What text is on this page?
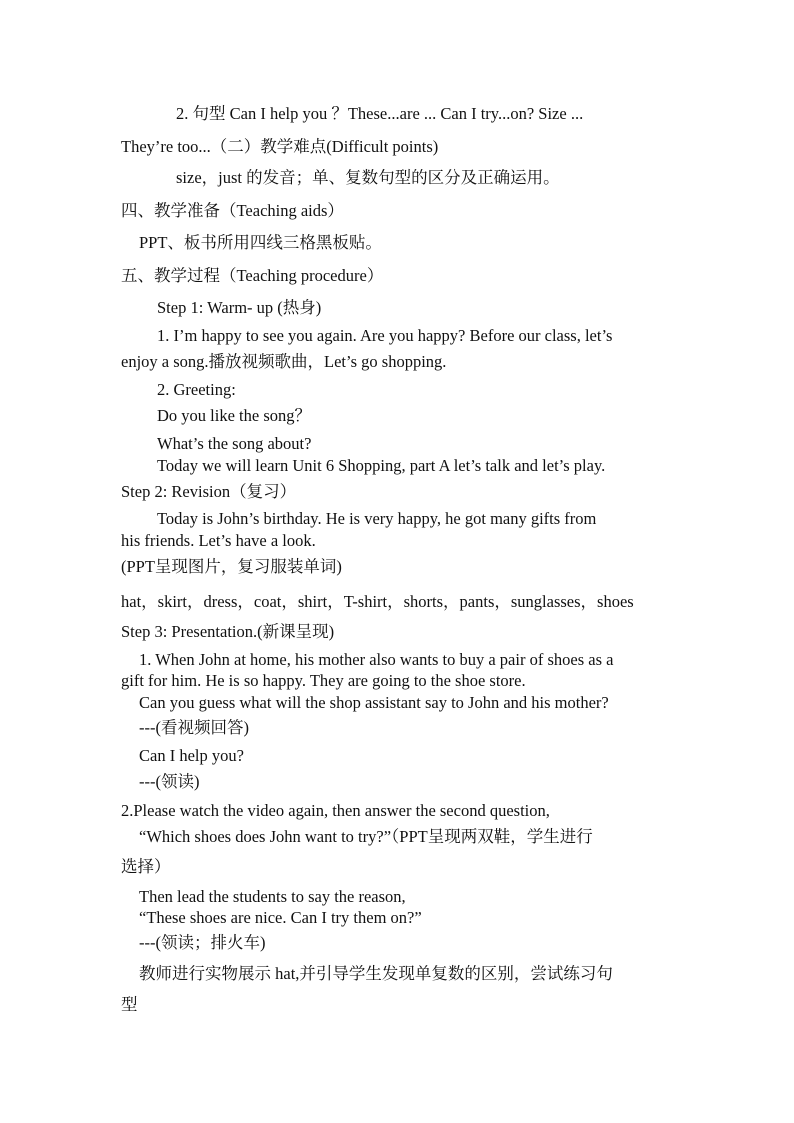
2. 句型 Can I help you ？These...are ... Can I try...on? Size ...
They’re too...（二）教学难点(Difficult points)
size，just 的发音；单、复数句型的区分及正确运用。
四、教学准备（Teaching aids）
PPT、板书所用四线三格黑板贴。
五、教学过程（Teaching procedure）
Step 1: Warm- up (热身)
1. I’m happy to see you again. Are you happy? Before our class, let’s
enjoy a song.播放视频歌曲，Let’s go shopping.
2. Greeting:
Do you like the song？
What’s the song about?
Today we will learn Unit 6 Shopping, part A let’s talk and let’s play.
Step 2: Revision（复习）
Today is John’s birthday. He is very happy, he got many gifts from
his friends. Let’s have a look.
(PPT呈现图片，复习服装单词)
hat，skirt，dress，coat，shirt，T-shirt，shorts，pants，sunglasses，shoes
Step 3: Presentation.(新课呈现)
1. When John at home, his mother also wants to buy a pair of shoes as a
gift for him. He is so happy. They are going to the shoe store.
Can you guess what will the shop assistant say to John and his mother?
---(看视频回答)
Can I help you?
---(领读)
2.Please watch the video again, then answer the second question,
“Which shoes does John want to try?”（PPT呈现两双鞋，学生进行
选择）
Then lead the students to say the reason,
“These shoes are nice. Can I try them on?”
---(领读；排火车)
教师进行实物展示 hat,并引导学生发现单复数的区别，尝试练习句
型
